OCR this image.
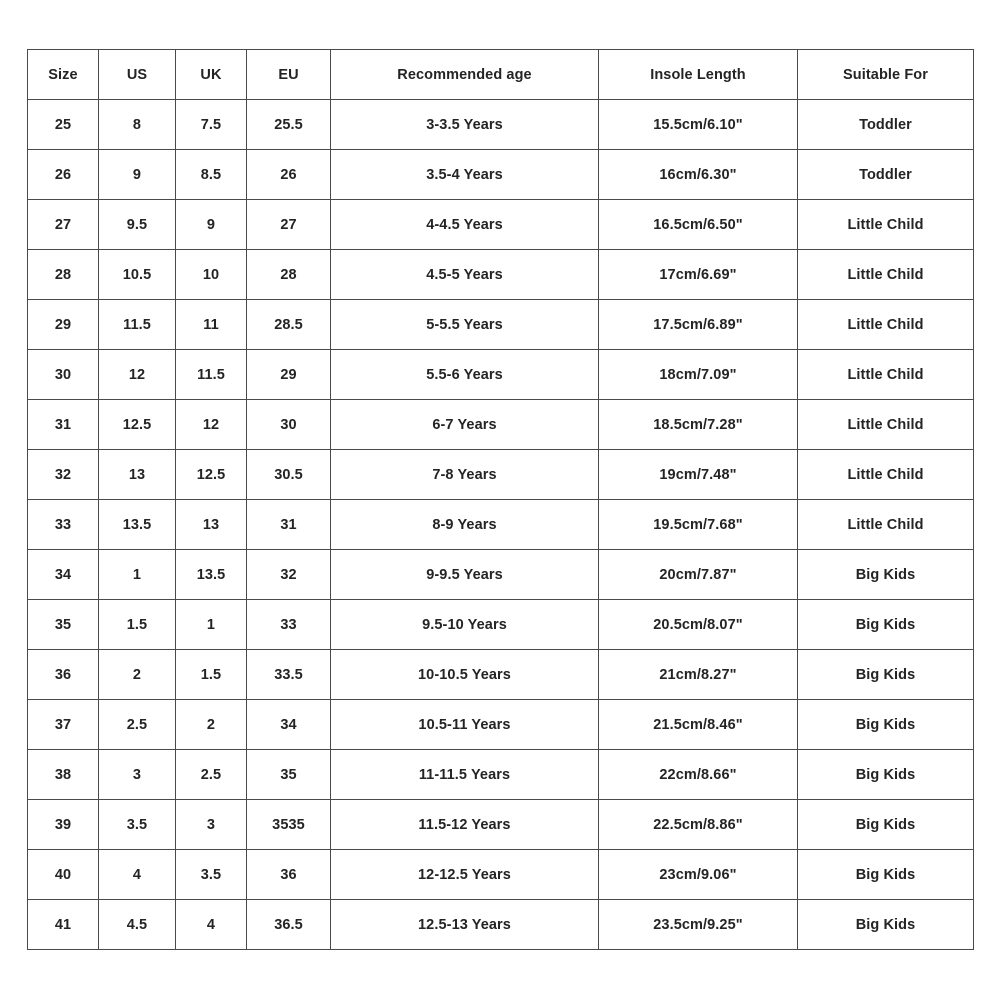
Size	US	UK	EU	Recommended age	Insole Length	Suitable For
25	8	7.5	25.5	3-3.5 Years	15.5cm/6.10"	Toddler
26	9	8.5	26	3.5-4 Years	16cm/6.30"	Toddler
27	9.5	9	27	4-4.5 Years	16.5cm/6.50"	Little Child
28	10.5	10	28	4.5-5 Years	17cm/6.69"	Little Child
29	11.5	11	28.5	5-5.5 Years	17.5cm/6.89"	Little Child
30	12	11.5	29	5.5-6 Years	18cm/7.09"	Little Child
31	12.5	12	30	6-7 Years	18.5cm/7.28"	Little Child
32	13	12.5	30.5	7-8 Years	19cm/7.48"	Little Child
33	13.5	13	31	8-9 Years	19.5cm/7.68"	Little Child
34	1	13.5	32	9-9.5 Years	20cm/7.87"	Big Kids
35	1.5	1	33	9.5-10 Years	20.5cm/8.07"	Big Kids
36	2	1.5	33.5	10-10.5 Years	21cm/8.27"	Big Kids
37	2.5	2	34	10.5-11 Years	21.5cm/8.46"	Big Kids
38	3	2.5	35	11-11.5 Years	22cm/8.66"	Big Kids
39	3.5	3	3535	11.5-12 Years	22.5cm/8.86"	Big Kids
40	4	3.5	36	12-12.5 Years	23cm/9.06"	Big Kids
41	4.5	4	36.5	12.5-13 Years	23.5cm/9.25"	Big Kids
